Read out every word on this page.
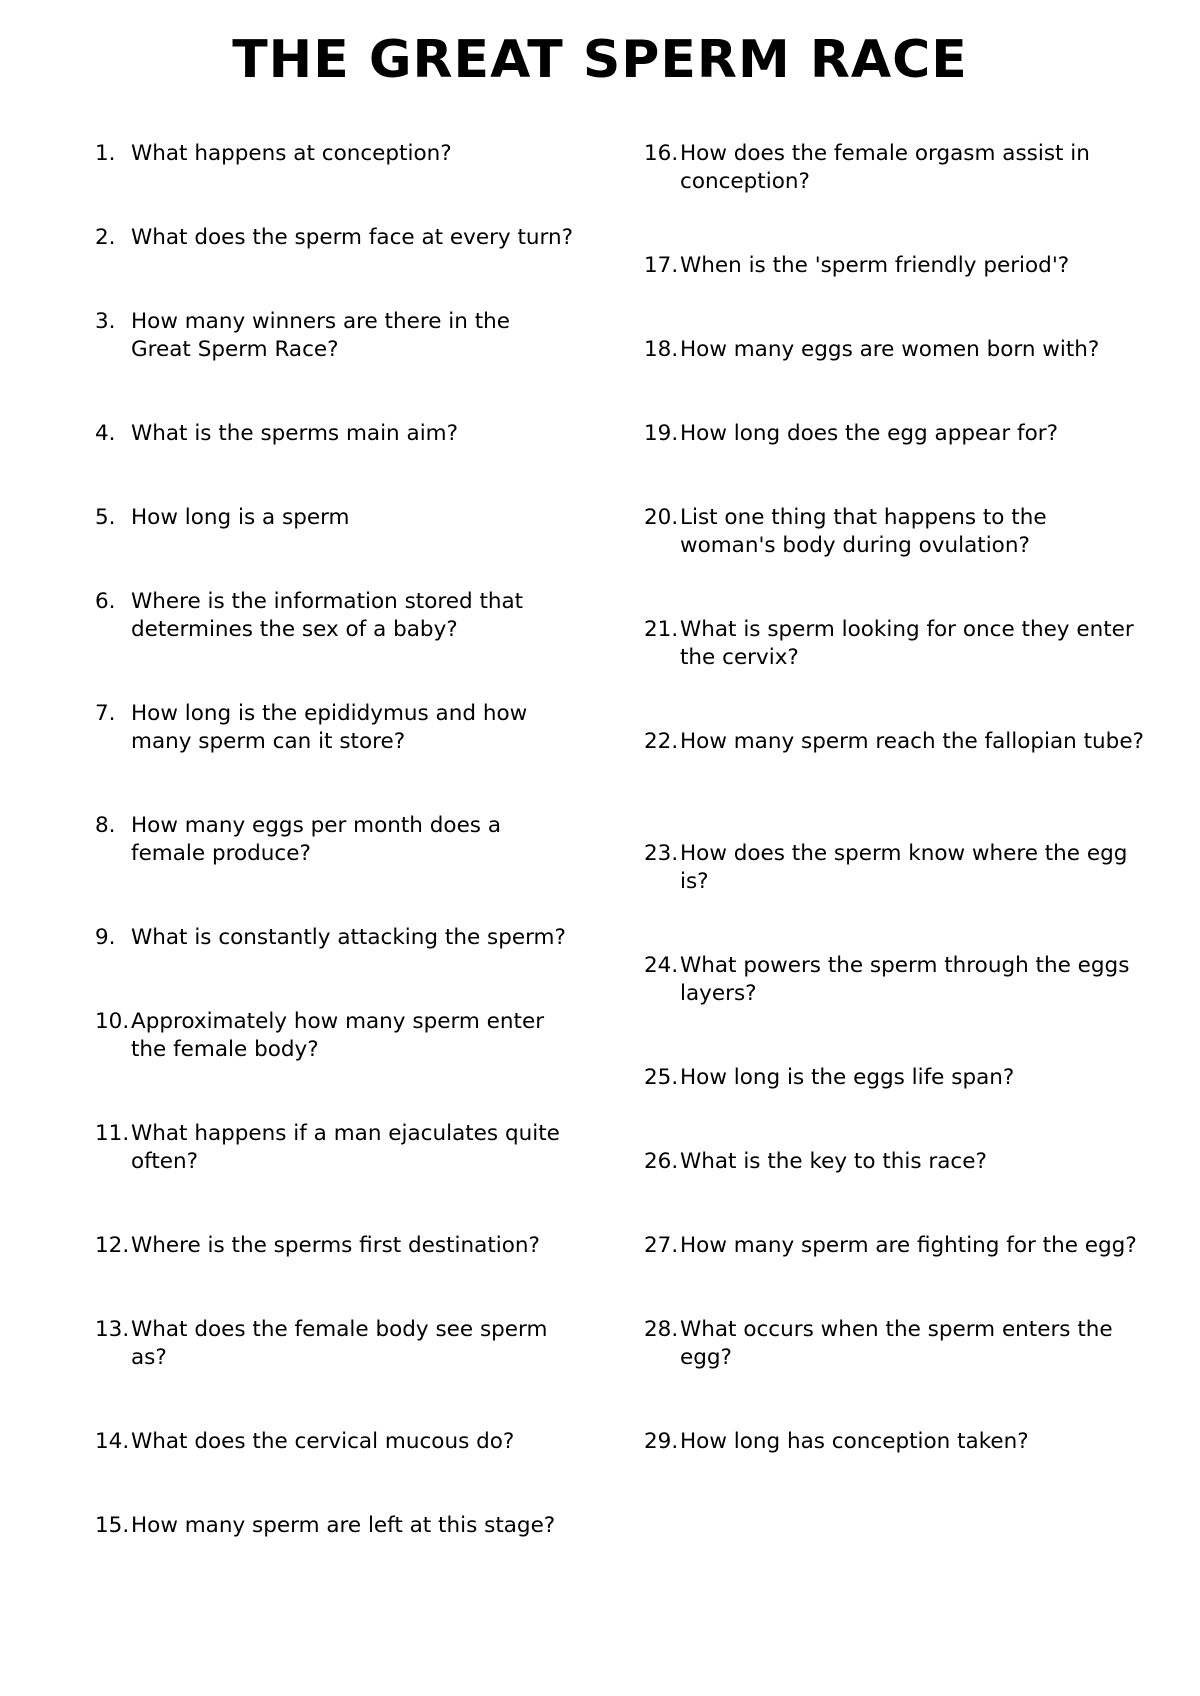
THE GREAT SPERM RACE
1. What happens at conception?
2. What does the sperm face at every turn?
3. How many winners are there in the Great Sperm Race?
4. What is the sperms main aim?
5. How long is a sperm
6. Where is the information stored that determines the sex of a baby?
7. How long is the epididymus and how many sperm can it store?
8. How many eggs per month does a female produce?
9. What is constantly attacking the sperm?
10. Approximately how many sperm enter the female body?
11. What happens if a man ejaculates quite often?
12. Where is the sperms first destination?
13. What does the female body see sperm as?
14. What does the cervical mucous do?
15. How many sperm are left at this stage?
16. How does the female orgasm assist in conception?
17. When is the 'sperm friendly period'?
18. How many eggs are women born with?
19. How long does the egg appear for?
20. List one thing that happens to the woman's body during ovulation?
21. What is sperm looking for once they enter the cervix?
22. How many sperm reach the fallopian tube?
23. How does the sperm know where the egg is?
24. What powers the sperm through the eggs layers?
25. How long is the eggs life span?
26. What is the key to this race?
27. How many sperm are fighting for the egg?
28. What occurs when the sperm enters the egg?
29. How long has conception taken?
